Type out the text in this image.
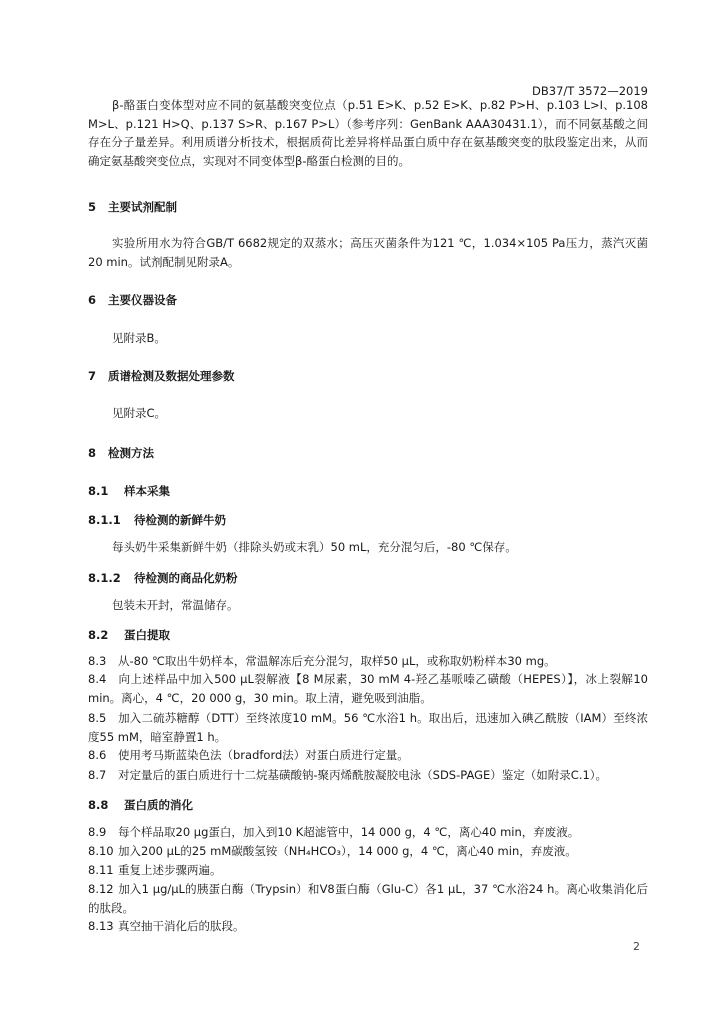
DB37/T 3572—2019

β-酪蛋白变体型对应不同的氨基酸突变位点（p.51 E>K、p.52 E>K、p.82 P>H、p.103 L>I、p.108 M>L、p.121 H>Q、p.137 S>R、p.167 P>L）（参考序列：GenBank AAA30431.1），而不同氨基酸之间存在分子量差异。利用质谱分析技术，根据质荷比差异将样品蛋白质中存在氨基酸突变的肽段鉴定出来，从而确定氨基酸突变位点，实现对不同变体型β-酪蛋白检测的目的。

5 主要试剂配制

实验所用水为符合GB/T 6682规定的双蒸水；高压灭菌条件为121 ℃，1.034×105 Pa压力，蒸汽灭菌20 min。试剂配制见附录A。

6 主要仪器设备

见附录B。

7 质谱检测及数据处理参数

见附录C。

8 检测方法

8.1 样本采集

8.1.1 待检测的新鲜牛奶

每头奶牛采集新鲜牛奶（排除头奶或末乳）50 mL，充分混匀后，-80 ℃保存。

8.1.2 待检测的商品化奶粉

包装未开封，常温储存。

8.2 蛋白提取

8.3 从-80 ℃取出牛奶样本，常温解冻后充分混匀，取样50 μL，或称取奶粉样本30 mg。

8.4 向上述样品中加入500 μL裂解液【8 M尿素，30 mM 4-羟乙基哌嗪乙磺酸（HEPES）】，冰上裂解10 min。离心，4 ℃，20 000 g，30 min。取上清，避免吸到油脂。

8.5 加入二硫苏糖醇（DTT）至终浓度10 mM。56 ℃水浴1 h。取出后，迅速加入碘乙酰胺（IAM）至终浓度55 mM，暗室静置1 h。

8.6 使用考马斯蓝染色法（bradford法）对蛋白质进行定量。

8.7 对定量后的蛋白质进行十二烷基磺酸钠-聚丙烯酰胺凝胶电泳（SDS-PAGE）鉴定（如附录C.1）。

8.8 蛋白质的消化

8.9 每个样品取20 μg蛋白，加入到10 K超滤管中，14 000 g，4 ℃，离心40 min，弃废液。

8.10 加入200 μL的25 mM碳酸氢铵（NH₄HCO₃），14 000 g，4 ℃，离心40 min，弃废液。

8.11 重复上述步骤两遍。

8.12 加入1 μg/μL的胰蛋白酶（Trypsin）和V8蛋白酶（Glu-C）各1 μL，37 ℃水浴24 h。离心收集消化后的肽段。

8.13 真空抽干消化后的肽段。

2
